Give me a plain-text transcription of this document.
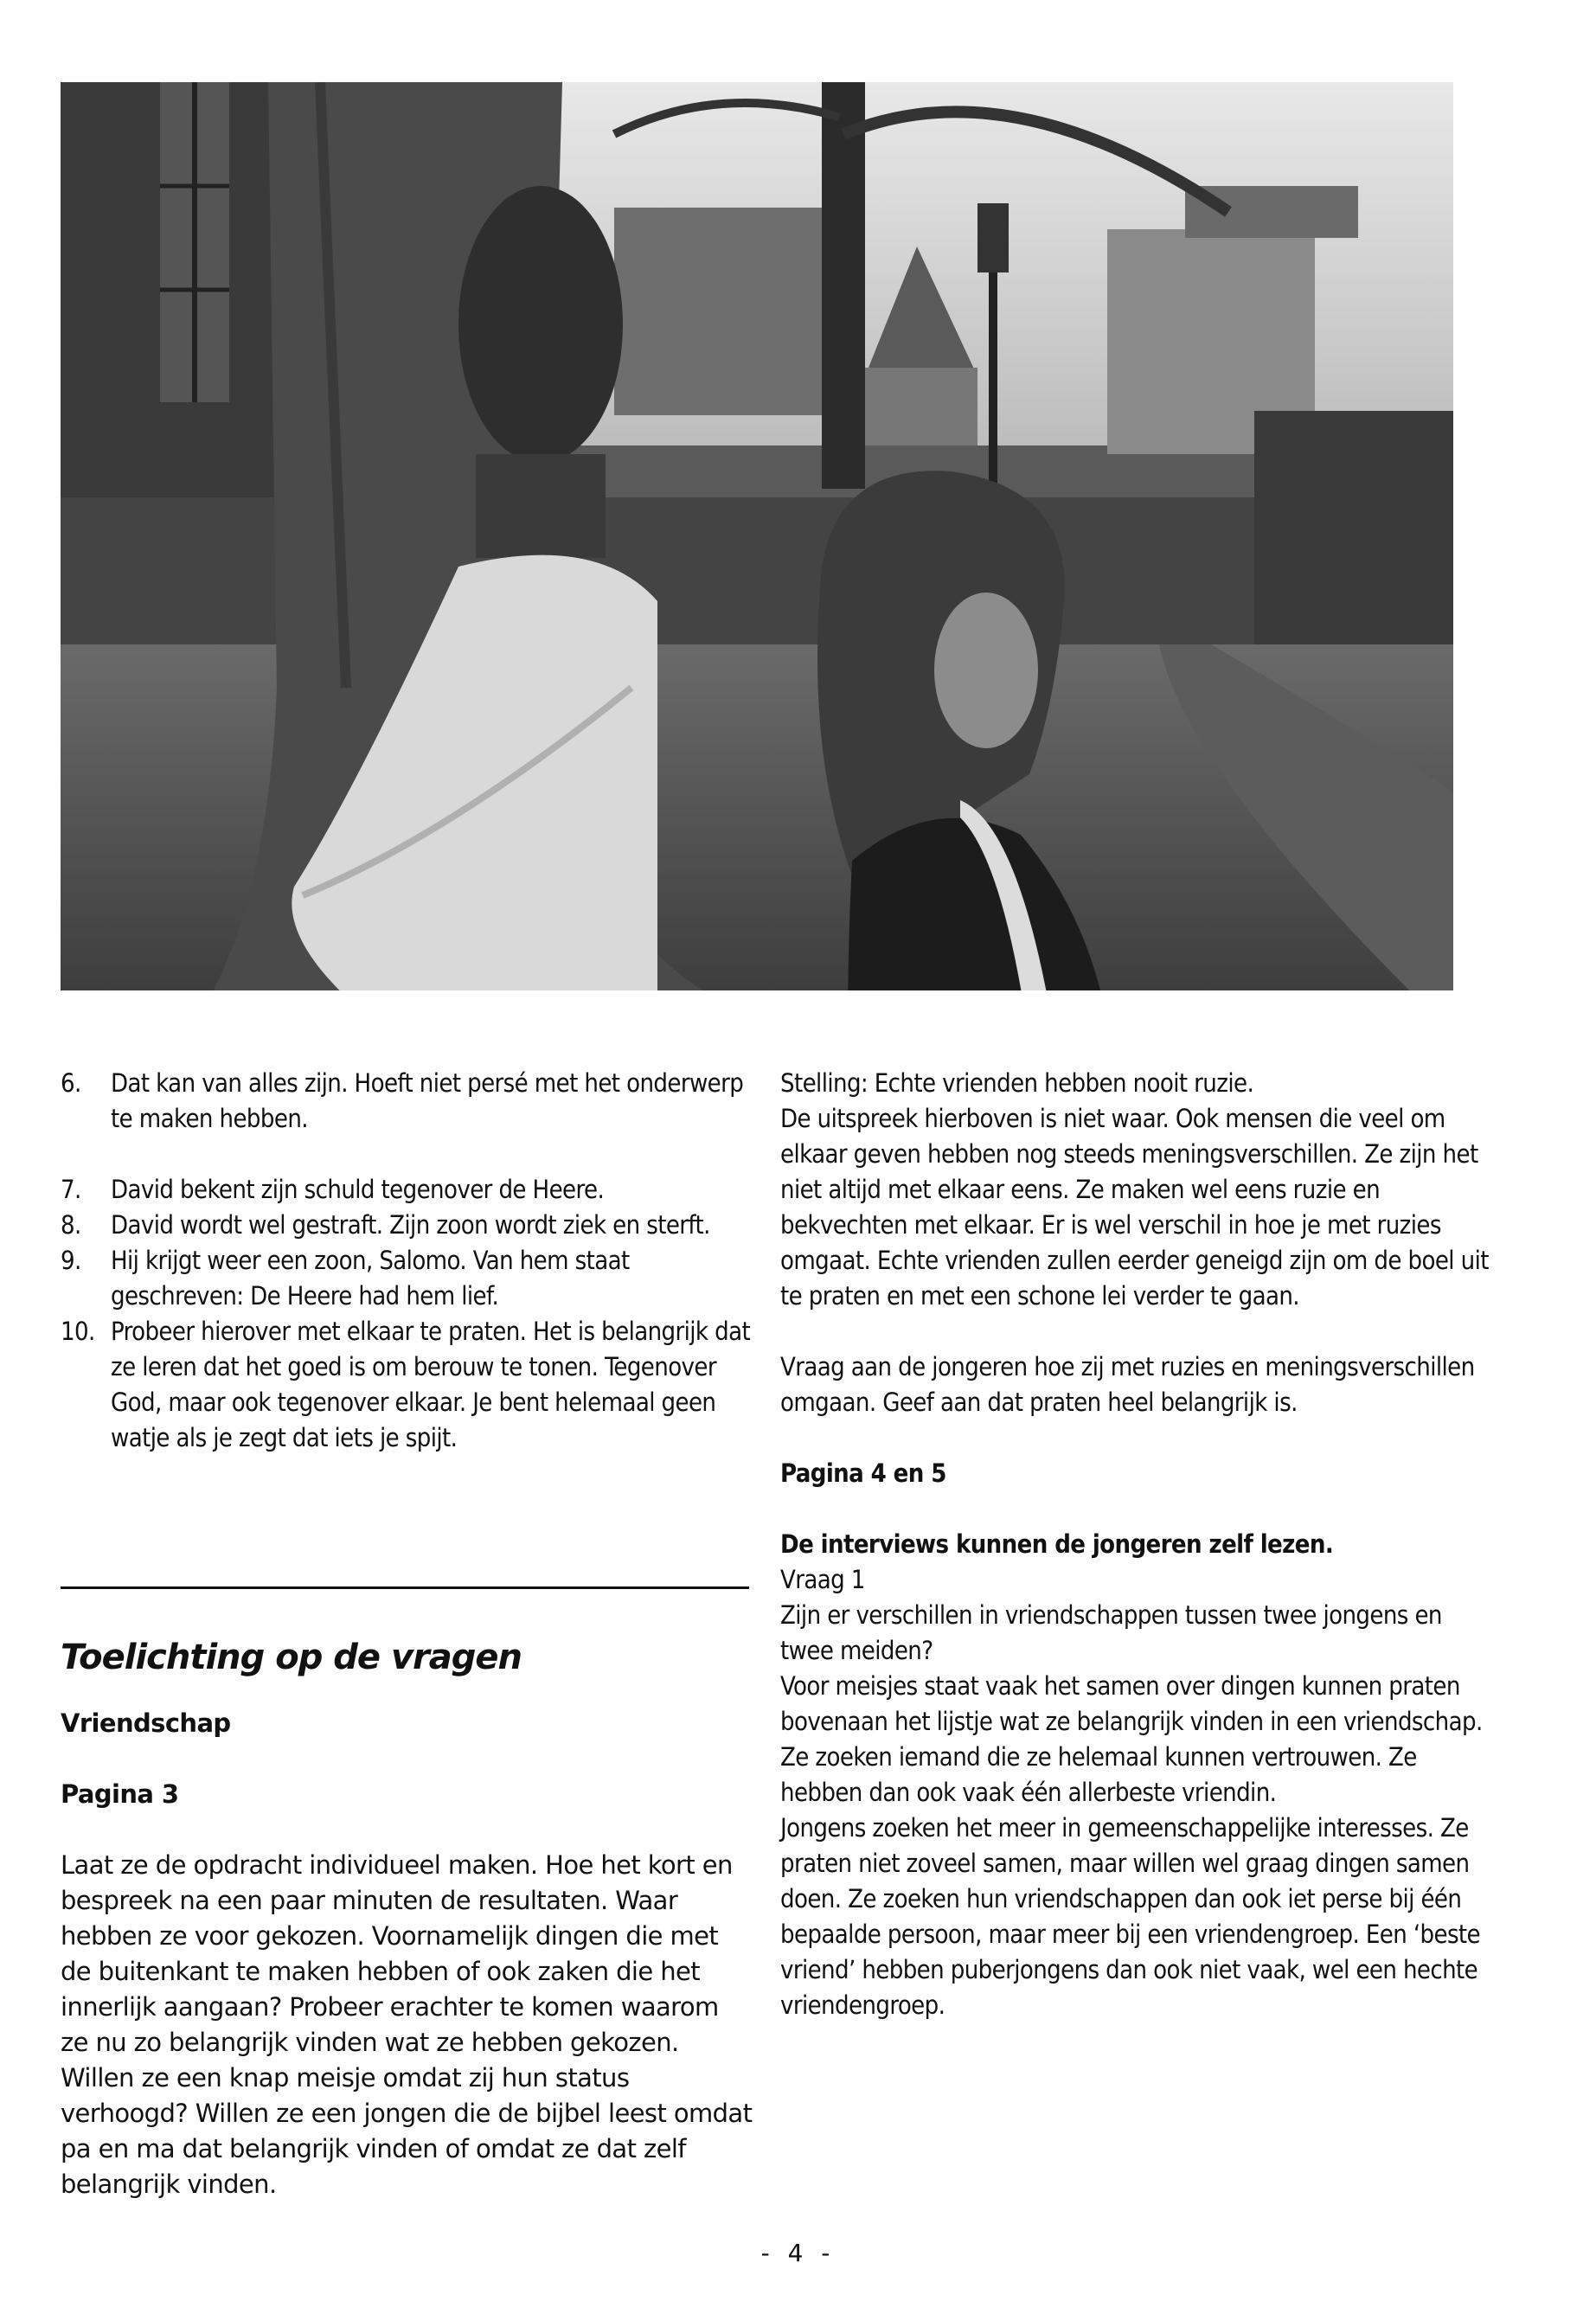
6. Dat kan van alles zijn. Hoeft niet persé met het onderwerp te maken hebben.
7. David bekent zijn schuld tegenover de Heere.
8. David wordt wel gestraft. Zijn zoon wordt ziek en sterft.
9. Hij krijgt weer een zoon, Salomo. Van hem staat geschreven: De Heere had hem lief.
10. Probeer hierover met elkaar te praten. Het is belangrijk dat ze leren dat het goed is om berouw te tonen. Tegenover God, maar ook tegenover elkaar. Je bent helemaal geen watje als je zegt dat iets je spijt.
Toelichting op de vragen

Vriendschap

Pagina 3

Laat ze de opdracht individueel maken. Hoe het kort en bespreek na een paar minuten de resultaten. Waar hebben ze voor gekozen. Voornamelijk dingen die met de buitenkant te maken hebben of ook zaken die het innerlijk aangaan? Probeer erachter te komen waarom ze nu zo belangrijk vinden wat ze hebben gekozen. Willen ze een knap meisje omdat zij hun status verhoogd? Willen ze een jongen die de bijbel leest omdat pa en ma dat belangrijk vinden of omdat ze dat zelf belangrijk vinden.

Stelling: Echte vrienden hebben nooit ruzie.

De uitspreek hierboven is niet waar. Ook mensen die veel om elkaar geven hebben nog steeds meningsverschillen. Ze zijn het niet altijd met elkaar eens. Ze maken wel eens ruzie en bekvechten met elkaar. Er is wel verschil in hoe je met ruzies omgaat. Echte vrienden zullen eerder geneigd zijn om de boel uit te praten en met een schone lei verder te gaan.

Vraag aan de jongeren hoe zij met ruzies en meningsverschillen omgaan. Geef aan dat praten heel belangrijk is.

Pagina 4 en 5

De interviews kunnen de jongeren zelf lezen.

Vraag 1

Zijn er verschillen in vriendschappen tussen twee jongens en twee meiden?

Voor meisjes staat vaak het samen over dingen kunnen praten bovenaan het lijstje wat ze belangrijk vinden in een vriendschap. Ze zoeken iemand die ze helemaal kunnen vertrouwen. Ze hebben dan ook vaak één allerbeste vriendin.

Jongens zoeken het meer in gemeenschappelijke interesses. Ze praten niet zoveel samen, maar willen wel graag dingen samen doen. Ze zoeken hun vriendschappen dan ook iet perse bij één bepaalde persoon, maar meer bij een vriendengroep. Een ‘beste vriend’ hebben puberjongens dan ook niet vaak, wel een hechte vriendengroep.

- 4 -
